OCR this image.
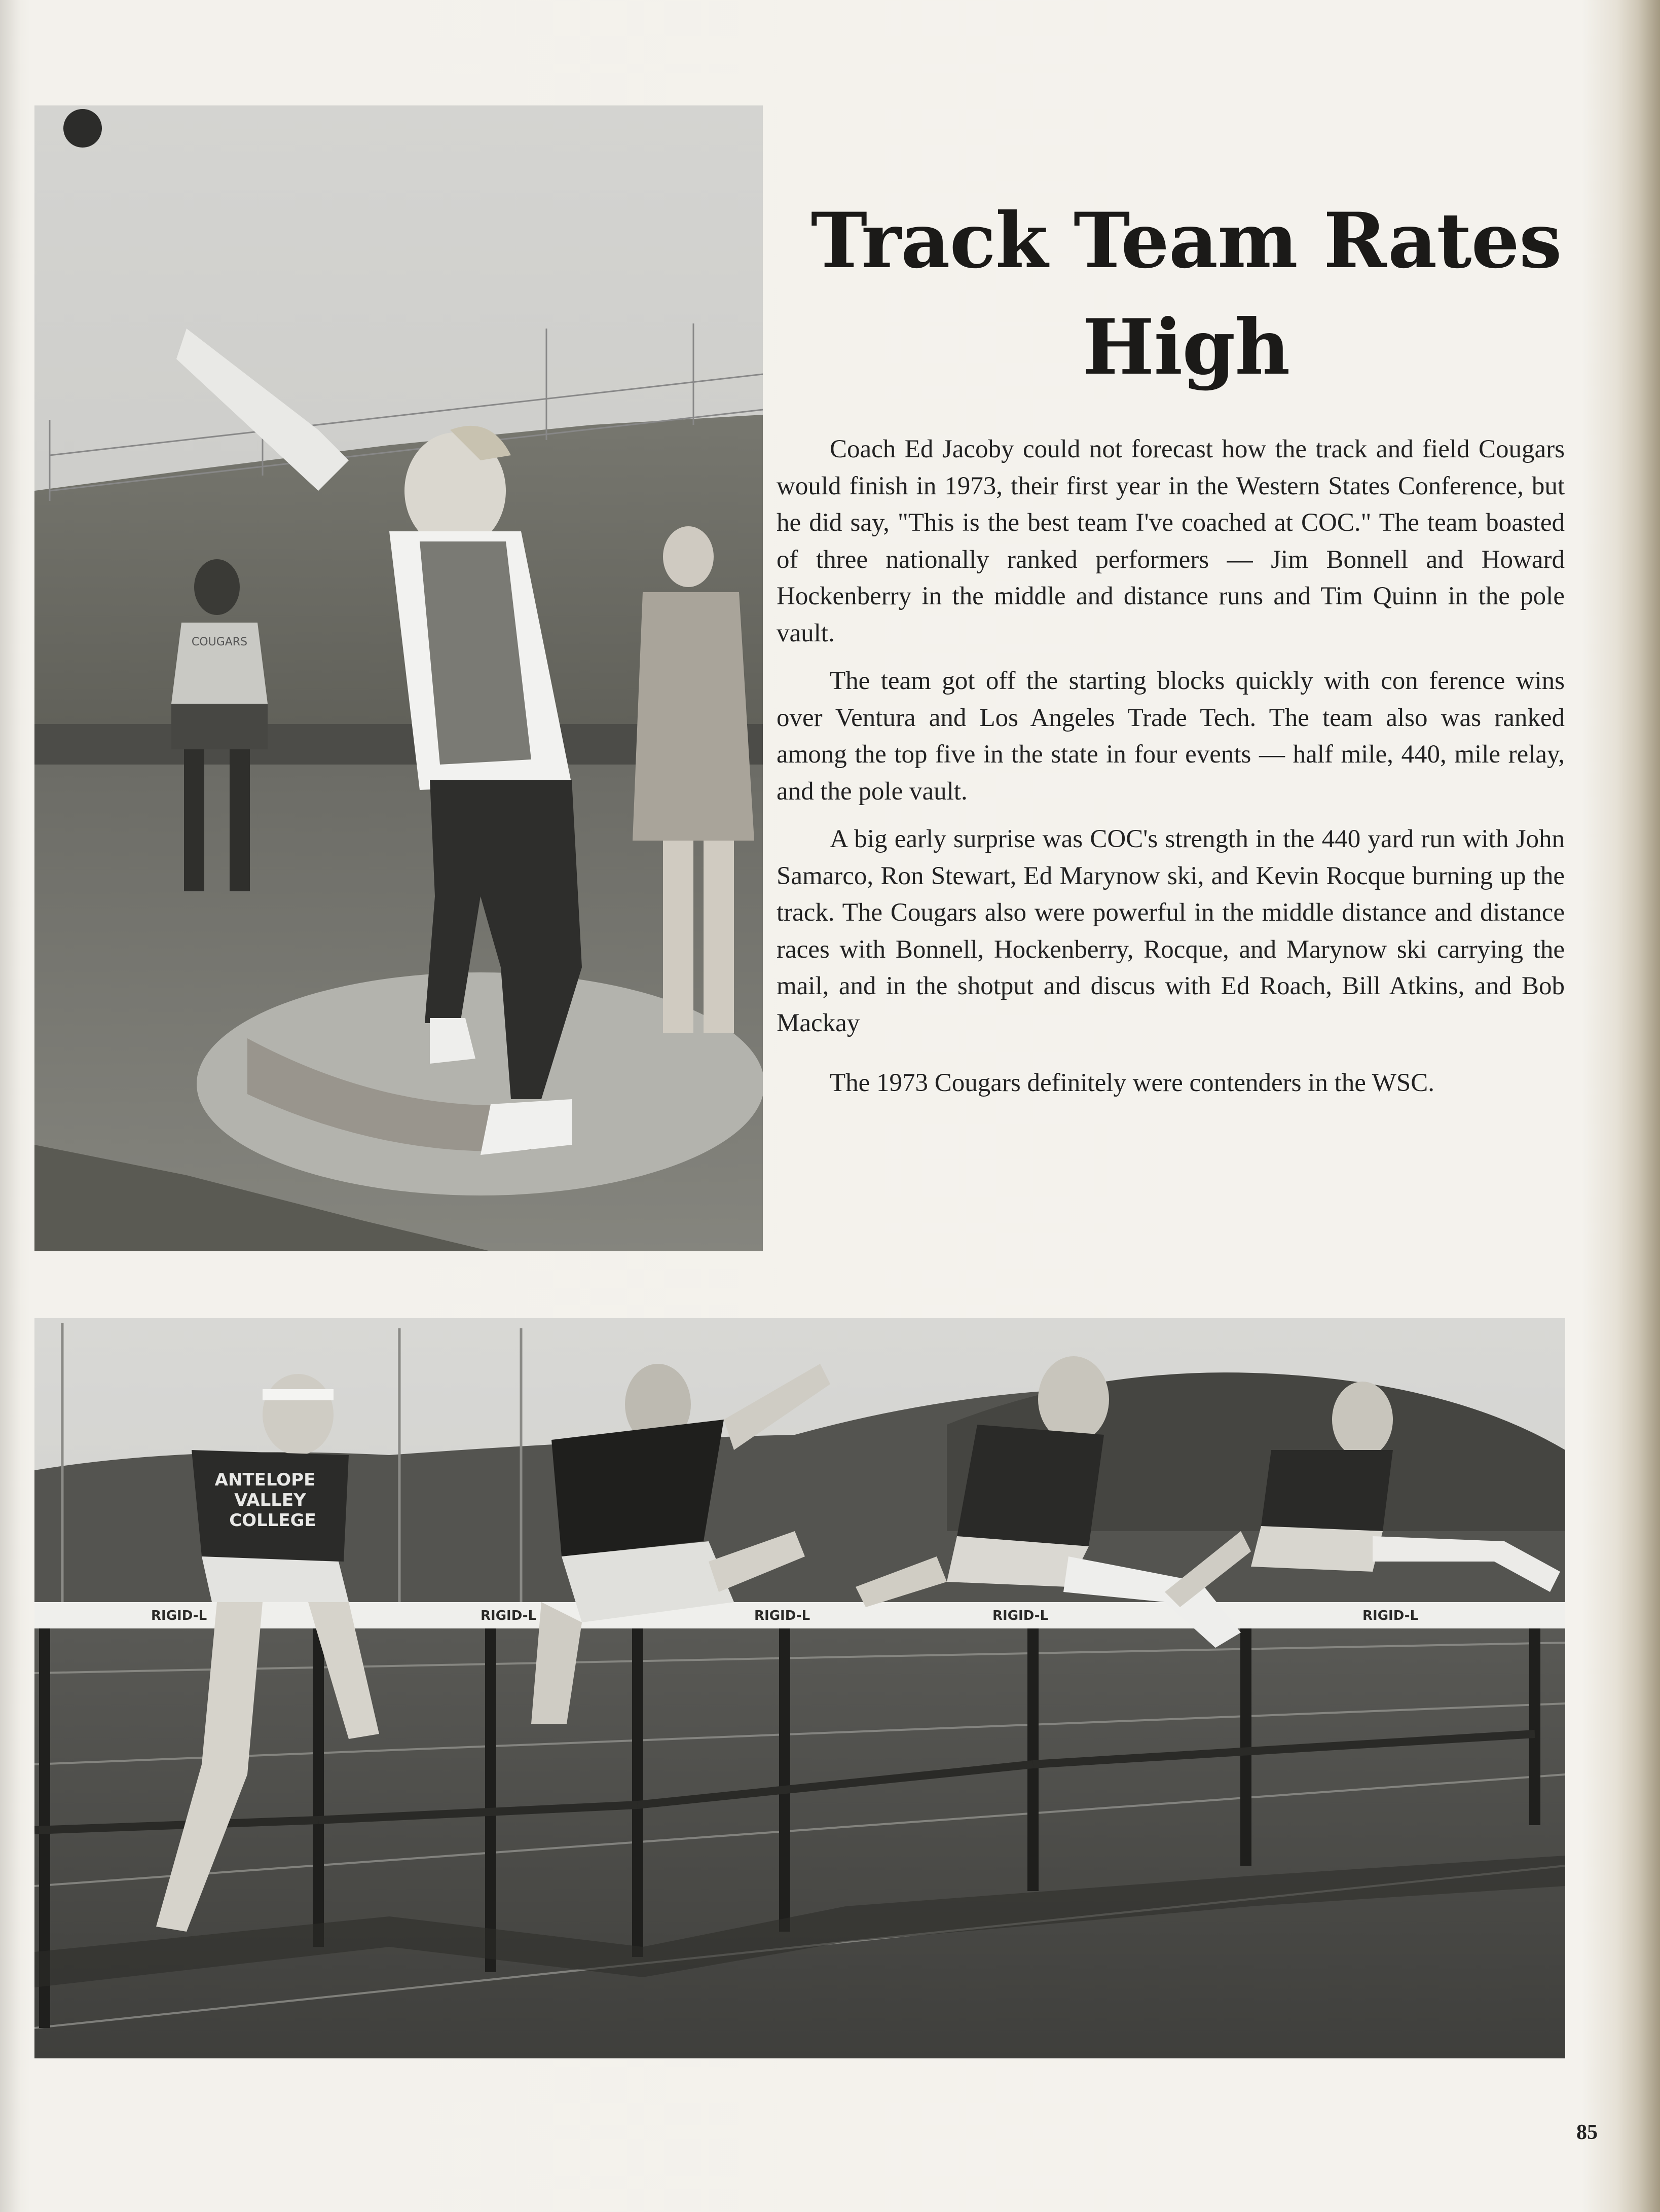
COUGARS
Track Team Rates High

Coach Ed Jacoby could not forecast how the track and field Cougars would finish in 1973, their first year in the Western States Conference, but he did say, "This is the best team I've coached at COC." The team boasted of three nationally ranked performers — Jim Bonnell and Howard Hockenberry in the middle and distance runs and Tim Quinn in the pole vault.

The team got off the starting blocks quickly with con ference wins over Ventura and Los Angeles Trade Tech. The team also was ranked among the top five in the state in four events — half mile, 440, mile relay, and the pole vault.

A big early surprise was COC's strength in the 440 yard run with John Samarco, Ron Stewart, Ed Marynow ski, and Kevin Rocque burning up the track. The Cougars also were powerful in the middle distance and distance races with Bonnell, Hockenberry, Rocque, and Marynow ski carrying the mail, and in the shotput and discus with Ed Roach, Bill Atkins, and Bob Mackay

The 1973 Cougars definitely were contenders in the WSC.

RIGID-L	RIGID-L	RIGID-L	RIGID-L	RIGID-L
ANTELOPE
VALLEY
COLLEGE
85
